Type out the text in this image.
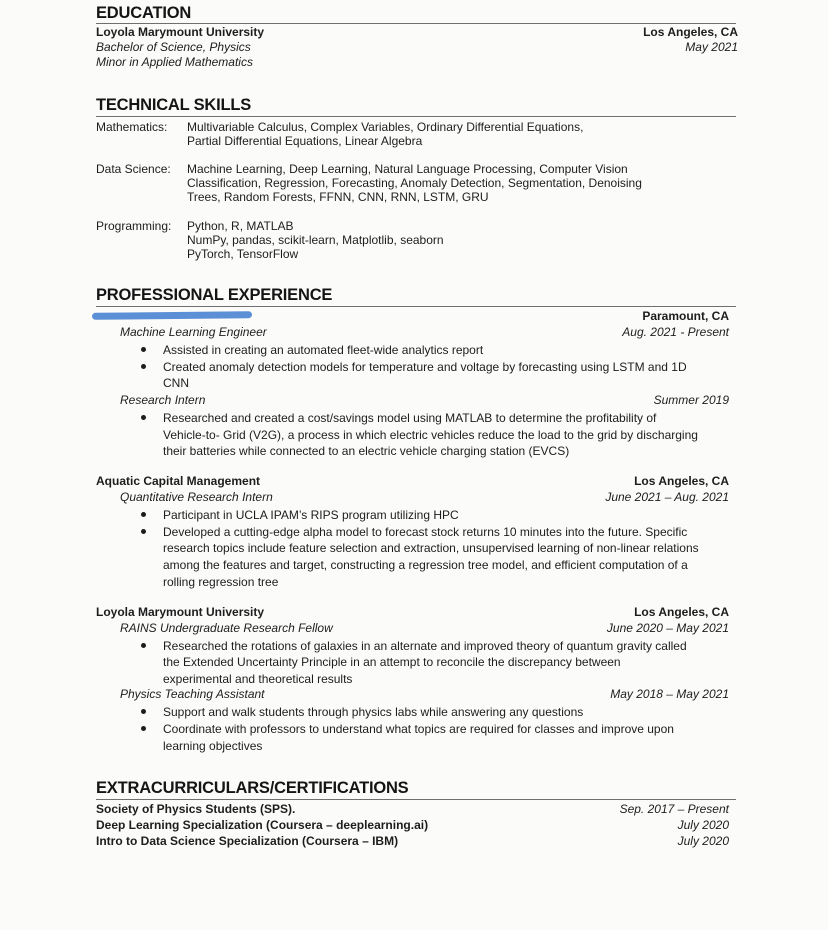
EDUCATION
Loyola Marymount University	Los Angeles, CA
Bachelor of Science, Physics	May 2021
Minor in Applied Mathematics
TECHNICAL SKILLS
Mathematics: Multivariable Calculus, Complex Variables, Ordinary Differential Equations,
Partial Differential Equations, Linear Algebra
Data Science: Machine Learning, Deep Learning, Natural Language Processing, Computer Vision
Classification, Regression, Forecasting, Anomaly Detection, Segmentation, Denoising
Trees, Random Forests, FFNN, CNN, RNN, LSTM, GRU
Programming: Python, R, MATLAB
NumPy, pandas, scikit-learn, Matplotlib, seaborn
PyTorch, TensorFlow
PROFESSIONAL EXPERIENCE
Paramount, CA
Machine Learning Engineer	Aug. 2021 - Present
Assisted in creating an automated fleet-wide analytics report
Created anomaly detection models for temperature and voltage by forecasting using LSTM and 1D
CNN
Research Intern	Summer 2019
Researched and created a cost/savings model using MATLAB to determine the profitability of
Vehicle-to- Grid (V2G), a process in which electric vehicles reduce the load to the grid by discharging
their batteries while connected to an electric vehicle charging station (EVCS)
Aquatic Capital Management	Los Angeles, CA
Quantitative Research Intern	June 2021 – Aug. 2021
Participant in UCLA IPAM’s RIPS program utilizing HPC
Developed a cutting-edge alpha model to forecast stock returns 10 minutes into the future. Specific
research topics include feature selection and extraction, unsupervised learning of non-linear relations
among the features and target, constructing a regression tree model, and efficient computation of a
rolling regression tree
Loyola Marymount University	Los Angeles, CA
RAINS Undergraduate Research Fellow	June 2020 – May 2021
Researched the rotations of galaxies in an alternate and improved theory of quantum gravity called
the Extended Uncertainty Principle in an attempt to reconcile the discrepancy between
experimental and theoretical results
Physics Teaching Assistant	May 2018 – May 2021
Support and walk students through physics labs while answering any questions
Coordinate with professors to understand what topics are required for classes and improve upon
learning objectives
EXTRACURRICULARS/CERTIFICATIONS
Society of Physics Students (SPS).	Sep. 2017 – Present
Deep Learning Specialization (Coursera – deeplearning.ai)	July 2020
Intro to Data Science Specialization (Coursera – IBM)	July 2020
